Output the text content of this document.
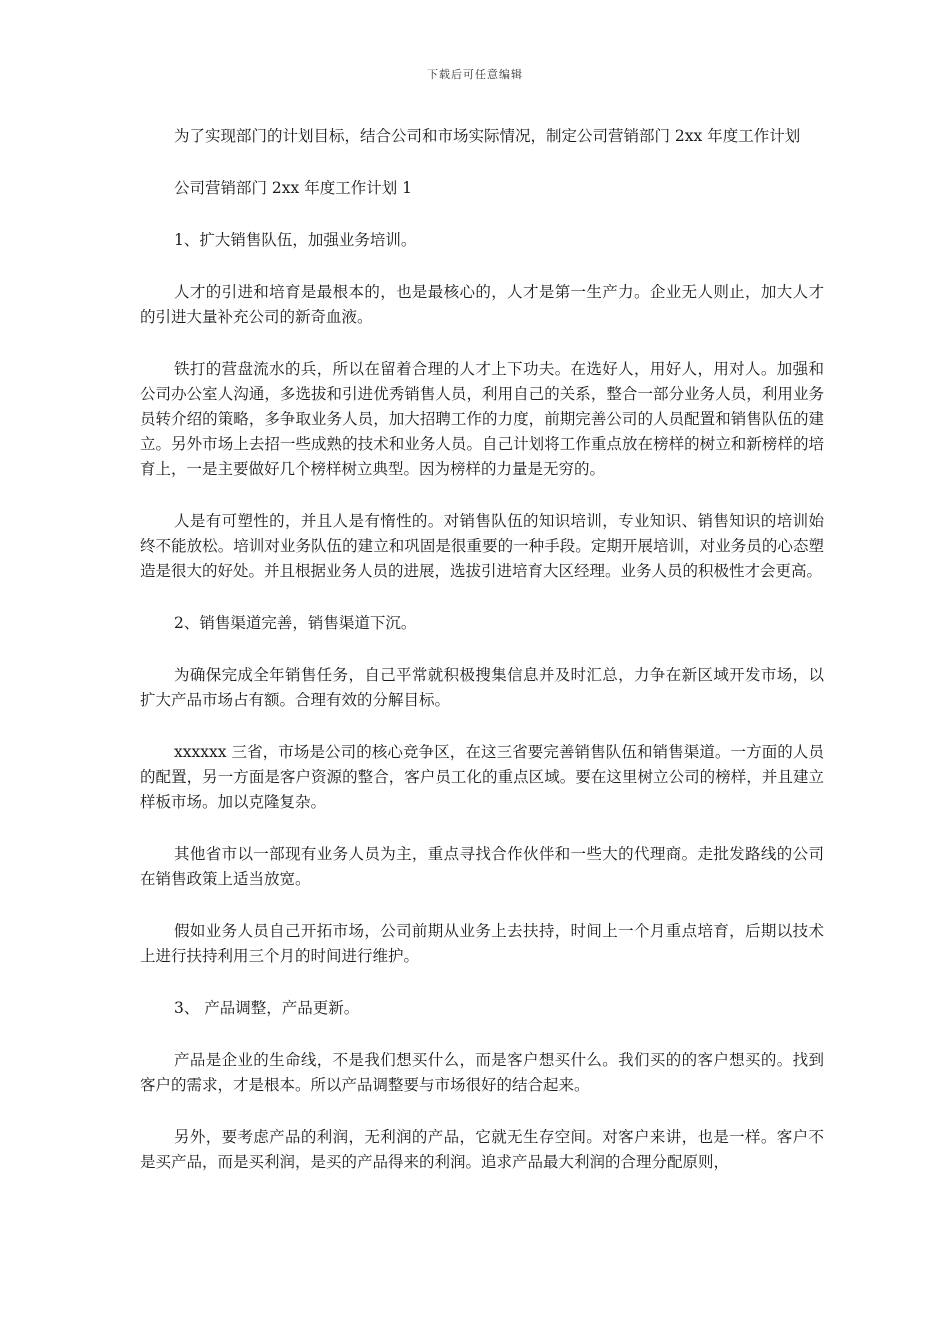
下载后可任意编辑

为了实现部门的计划目标，结合公司和市场实际情况，制定公司营销部门 2xx 年度工作计划

公司营销部门 2xx 年度工作计划 1

1、扩大销售队伍，加强业务培训。

人才的引进和培育是最根本的，也是最核心的，人才是第一生产力。企业无人则止，加大人才的引进大量补充公司的新奇血液。

铁打的营盘流水的兵，所以在留着合理的人才上下功夫。在选好人，用好人，用对人。加强和公司办公室人沟通，多选拔和引进优秀销售人员，利用自己的关系，整合一部分业务人员，利用业务员转介绍的策略，多争取业务人员，加大招聘工作的力度，前期完善公司的人员配置和销售队伍的建立。另外市场上去招一些成熟的技术和业务人员。自己计划将工作重点放在榜样的树立和新榜样的培育上，一是主要做好几个榜样树立典型。因为榜样的力量是无穷的。

人是有可塑性的，并且人是有惰性的。对销售队伍的知识培训，专业知识、销售知识的培训始终不能放松。培训对业务队伍的建立和巩固是很重要的一种手段。定期开展培训，对业务员的心态塑造是很大的好处。并且根据业务人员的进展，选拔引进培育大区经理。业务人员的积极性才会更高。

2、销售渠道完善，销售渠道下沉。

为确保完成全年销售任务，自己平常就积极搜集信息并及时汇总，力争在新区域开发市场，以扩大产品市场占有额。合理有效的分解目标。

xxxxxx 三省，市场是公司的核心竞争区，在这三省要完善销售队伍和销售渠道。一方面的人员的配置，另一方面是客户资源的整合，客户员工化的重点区域。要在这里树立公司的榜样，并且建立样板市场。加以克隆复杂。

其他省市以一部现有业务人员为主，重点寻找合作伙伴和一些大的代理商。走批发路线的公司在销售政策上适当放宽。

假如业务人员自己开拓市场，公司前期从业务上去扶持，时间上一个月重点培育，后期以技术上进行扶持利用三个月的时间进行维护。

3、 产品调整，产品更新。

产品是企业的生命线，不是我们想买什么，而是客户想买什么。我们买的的客户想买的。找到客户的需求，才是根本。所以产品调整要与市场很好的结合起来。

另外，要考虑产品的利润，无利润的产品，它就无生存空间。对客户来讲，也是一样。客户不是买产品，而是买利润，是买的产品得来的利润。追求产品最大利润的合理分配原则，
